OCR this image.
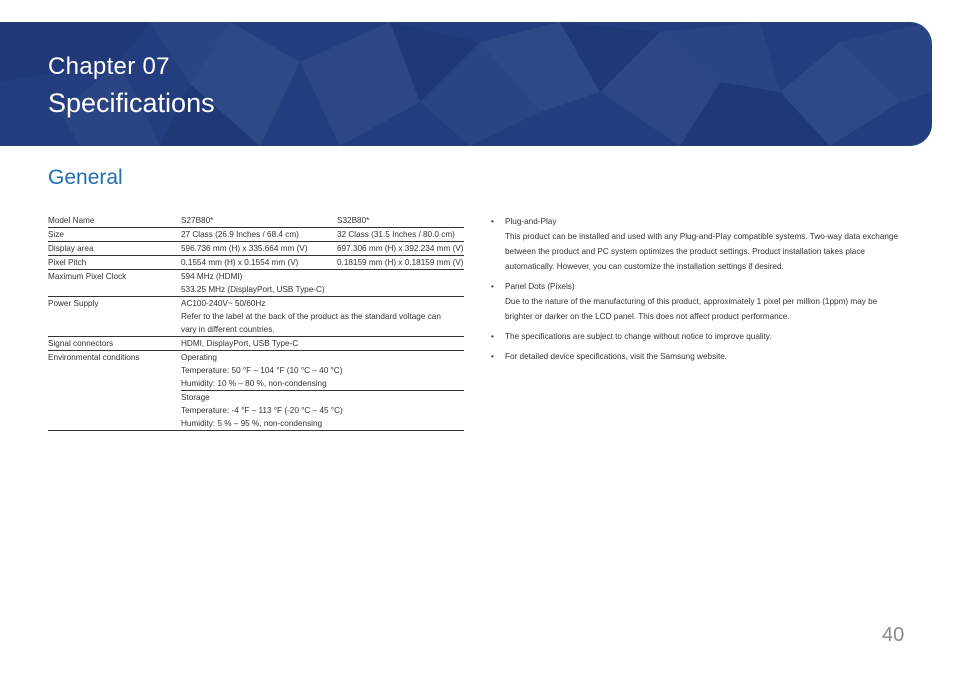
Chapter 07
Specifications
General
Model Name	S27B80*	S32B80*
Size	27 Class (26.9 Inches / 68.4 cm)	32 Class (31.5 Inches / 80.0 cm)
Display area	596.736 mm (H) x 335.664 mm (V)	697.306 mm (H) x 392.234 mm (V)
Pixel Pitch	0.1554 mm (H) x 0.1554 mm (V)	0.18159 mm (H) x 0.18159 mm (V)
Maximum Pixel Clock	594 MHz (HDMI)	
	533.25 MHz (DisplayPort, USB Type-C)	
Power Supply	AC100-240V~ 50/60Hz	
	Refer to the label at the back of the product as the standard voltage can vary in different countries.	
Signal connectors	HDMI, DisplayPort, USB Type-C	
Environmental conditions	Operating	
	Temperature: 50 °F – 104 °F (10 °C – 40 °C)	
	Humidity: 10 % – 80 %, non-condensing	
	Storage	
	Temperature: -4 °F – 113 °F (-20 °C – 45 °C)	
	Humidity: 5 % – 95 %, non-condensing	
• Plug-and-Play
This product can be installed and used with any Plug-and-Play compatible systems. Two-way data exchange between the product and PC system optimizes the product settings. Product installation takes place automatically. However, you can customize the installation settings if desired.
• Panel Dots (Pixels)
Due to the nature of the manufacturing of this product, approximately 1 pixel per million (1ppm) may be brighter or darker on the LCD panel. This does not affect product performance.
• The specifications are subject to change without notice to improve quality.
• For detailed device specifications, visit the Samsung website.
40
